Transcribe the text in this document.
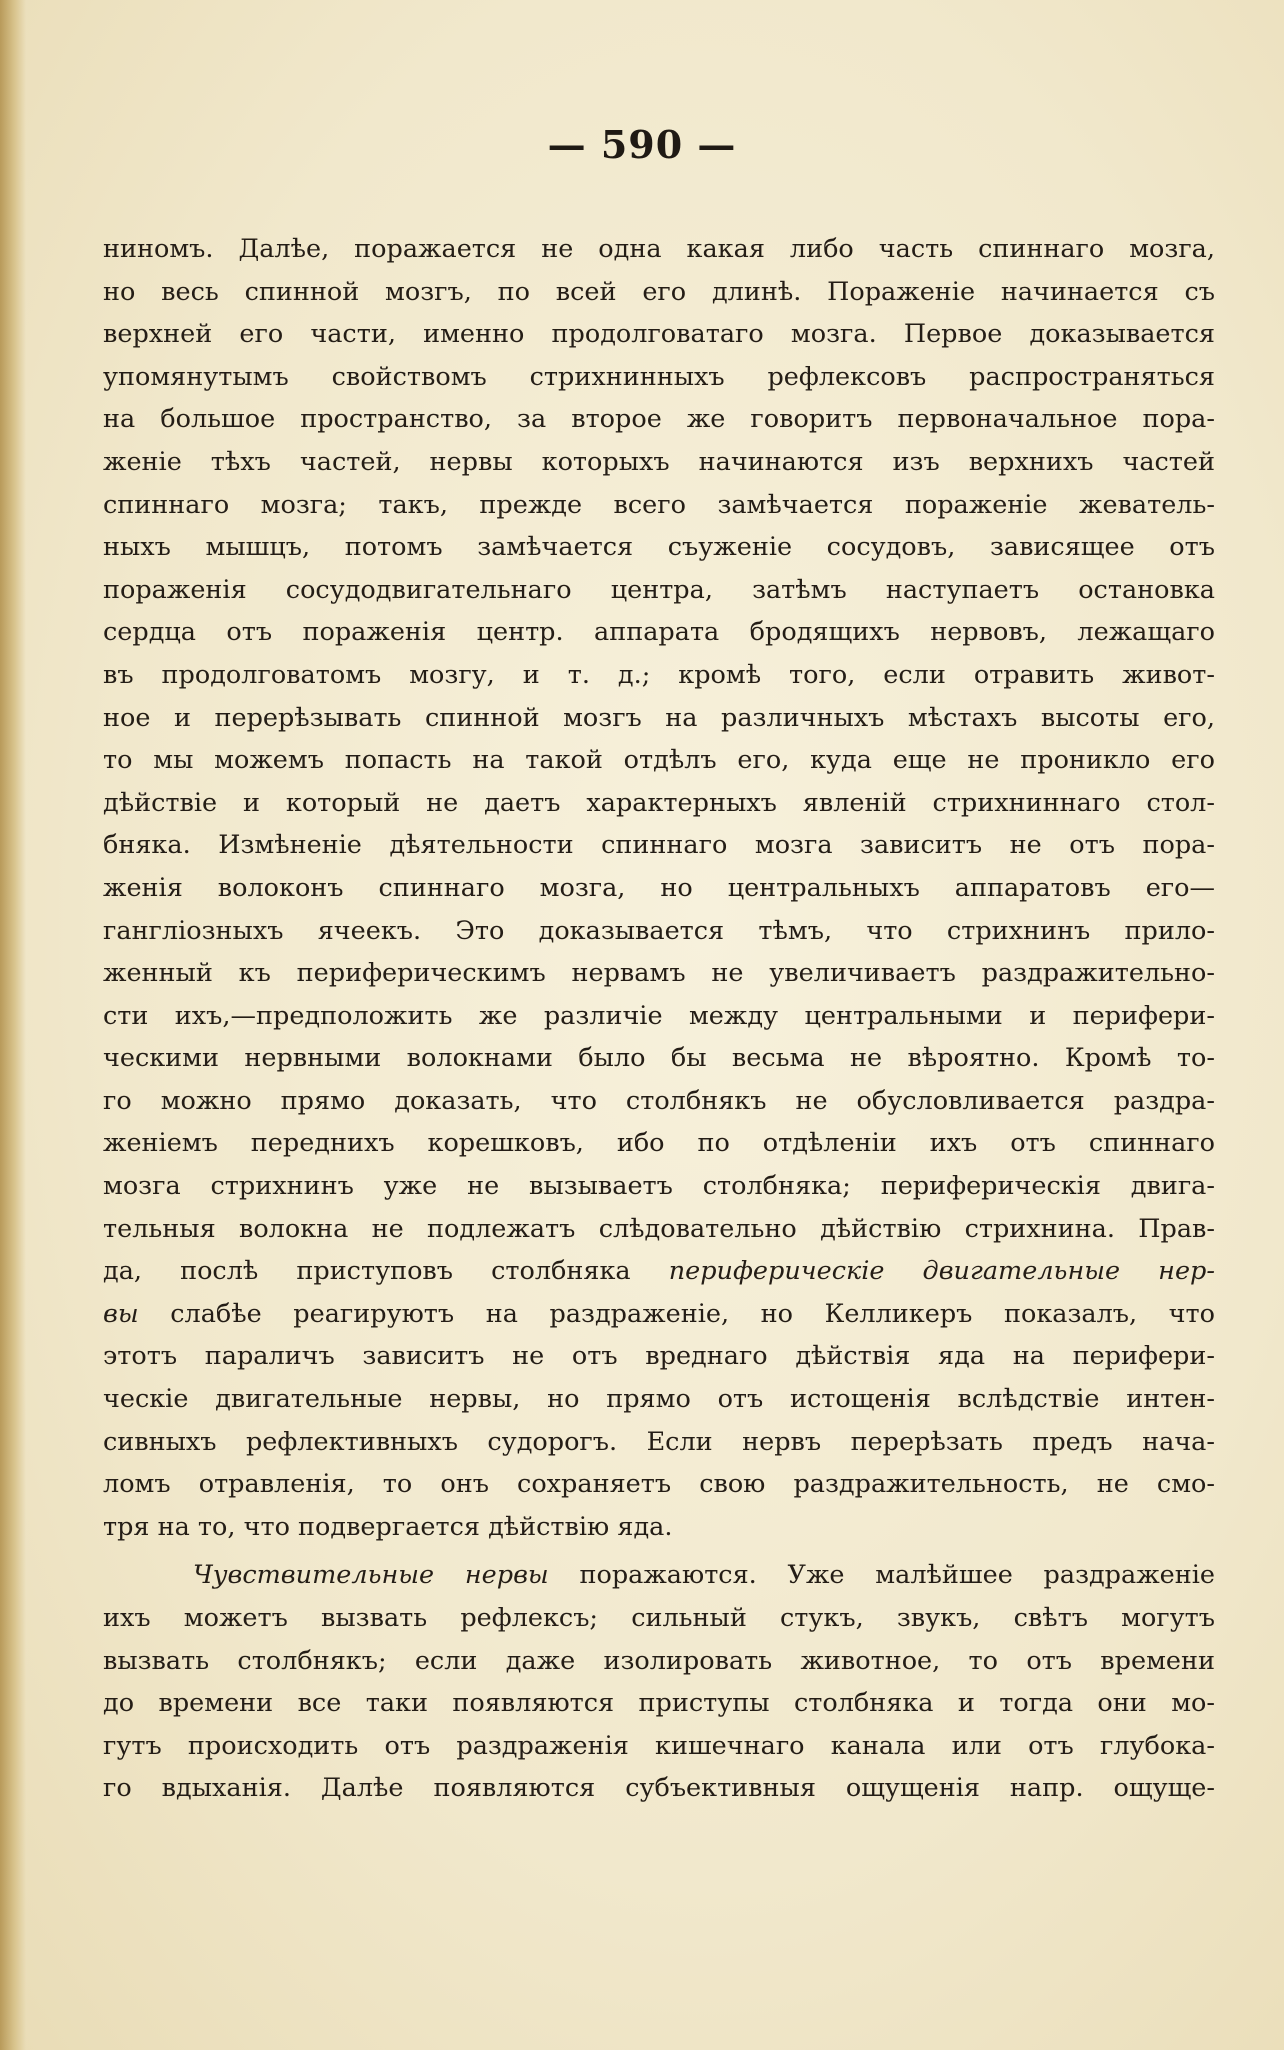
— 590 —
ниномъ. Далѣе, поражается не одна какая либо часть спиннаго мозга,
но весь спинной мозгъ, по всей его длинѣ. Пораженіе начинается съ
верхней его части, именно продолговатаго мозга. Первое доказывается
упомянутымъ свойствомъ стрихнинныхъ рефлексовъ распространяться
на большое пространство, за второе же говоритъ первоначальное пора-
женіе тѣхъ частей, нервы которыхъ начинаются изъ верхнихъ частей
спиннаго мозга; такъ, прежде всего замѣчается пораженіе жеватель-
ныхъ мышцъ, потомъ замѣчается съуженіе сосудовъ, зависящее отъ
пораженія сосудодвигательнаго центра, затѣмъ наступаетъ остановка
сердца отъ пораженія центр. аппарата бродящихъ нервовъ, лежащаго
въ продолговатомъ мозгу, и т. д.; кромѣ того, если отравить живот-
ное и перерѣзывать спинной мозгъ на различныхъ мѣстахъ высоты его,
то мы можемъ попасть на такой отдѣлъ его, куда еще не проникло его
дѣйствіе и который не даетъ характерныхъ явленій стрихниннаго стол-
бняка. Измѣненіе дѣятельности спиннаго мозга зависитъ не отъ пора-
женія волоконъ спиннаго мозга, но центральныхъ аппаратовъ его—
ганглiозныхъ ячеекъ. Это доказывается тѣмъ, что стрихнинъ прило-
женный къ периферическимъ нервамъ не увеличиваетъ раздражительно-
сти ихъ,—предположить же различіе между центральными и перифери-
ческими нервными волокнами было бы весьма не вѣроятно. Кромѣ то-
го можно прямо доказать, что столбнякъ не обусловливается раздра-
женіемъ переднихъ корешковъ, ибо по отдѣленіи ихъ отъ спиннаго
мозга стрихнинъ уже не вызываетъ столбняка; периферическія двига-
тельныя волокна не подлежатъ слѣдовательно дѣйствію стрихнина. Прав-
да, послѣ приступовъ столбняка периферическіе двигательные нер-
вы слабѣе реагируютъ на раздраженіе, но Келликеръ показалъ, что
этотъ параличъ зависитъ не отъ вреднаго дѣйствія яда на перифери-
ческіе двигательные нервы, но прямо отъ истощенія вслѣдствіе интен-
сивныхъ рефлективныхъ судорогъ. Если нервъ перерѣзать предъ нача-
ломъ отравленія, то онъ сохраняетъ свою раздражительность, не смо-
тря на то, что подвергается дѣйствію яда.
Чувствительные нервы поражаются. Уже малѣйшее раздраженіе
ихъ можетъ вызвать рефлексъ; сильный стукъ, звукъ, свѣтъ могутъ
вызвать столбнякъ; если даже изолировать животное, то отъ времени
до времени все таки появляются приступы столбняка и тогда они мо-
гутъ происходить отъ раздраженія кишечнаго канала или отъ глубока-
го вдыханія. Далѣе появляются субъективныя ощущенія напр. ощуще-
